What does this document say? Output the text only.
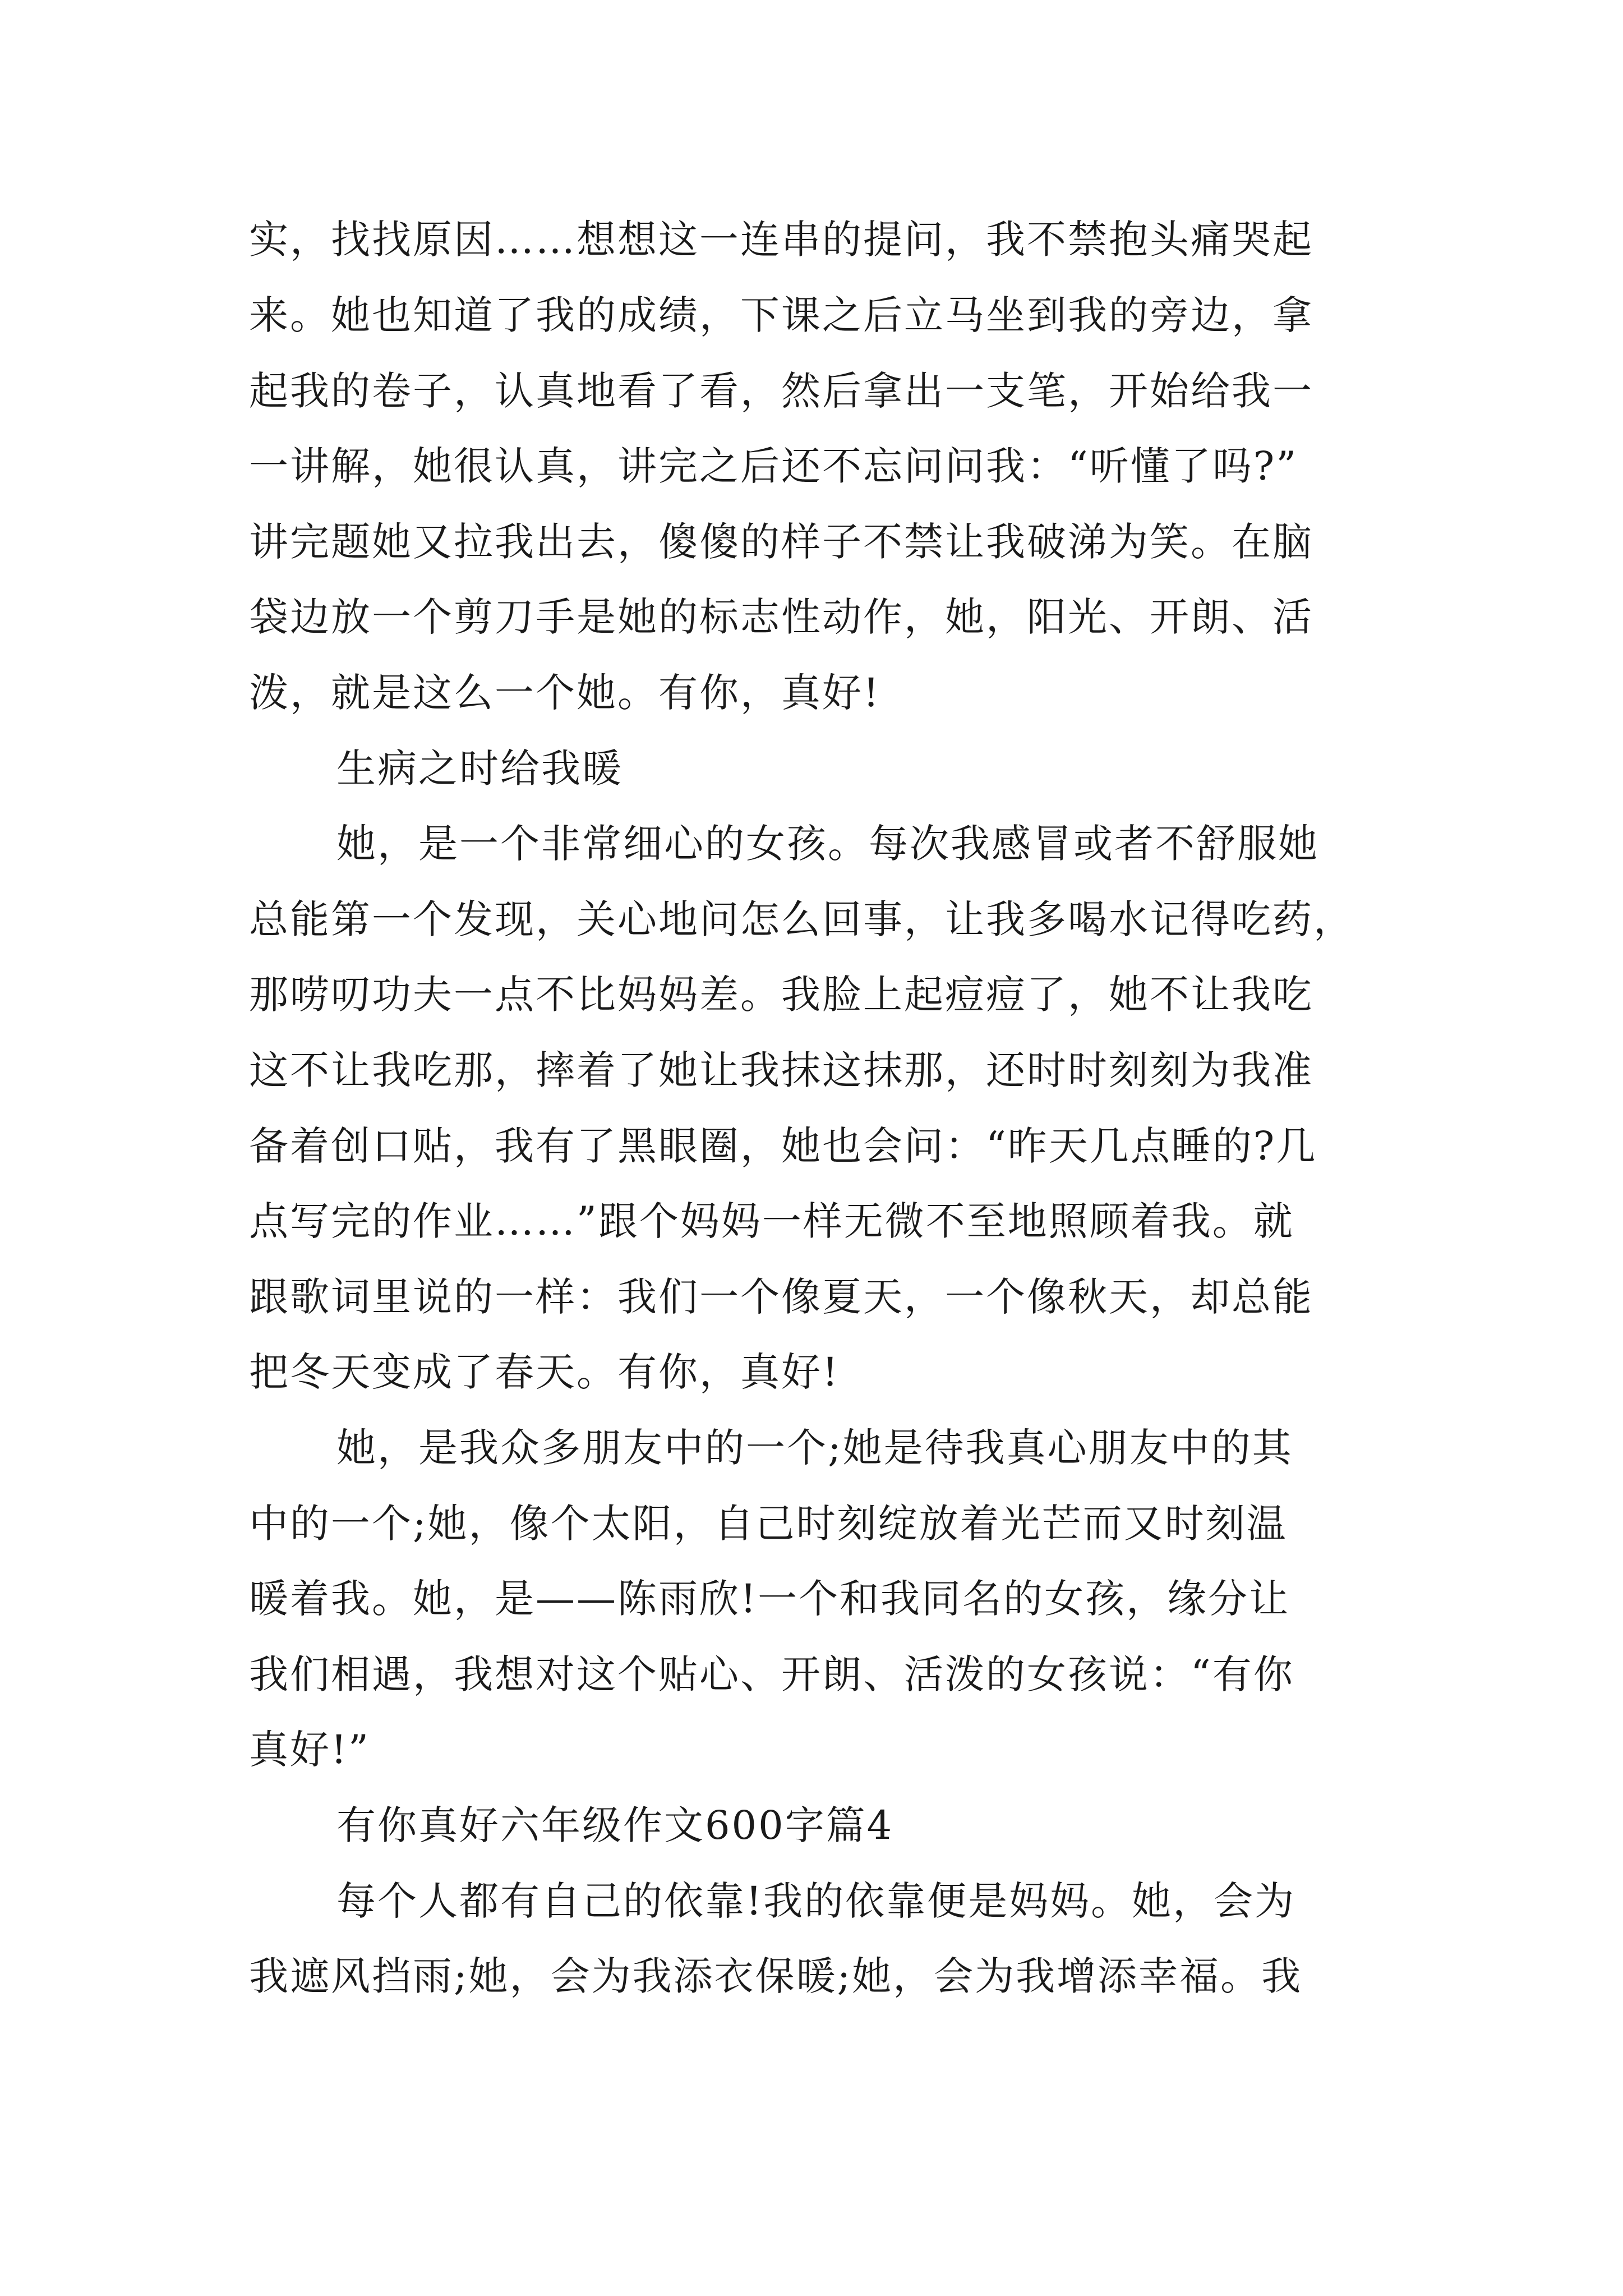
实，找找原因……想想这一连串的提问，我不禁抱头痛哭起
来。她也知道了我的成绩，下课之后立马坐到我的旁边，拿
起我的卷子，认真地看了看，然后拿出一支笔，开始给我一
一讲解，她很认真，讲完之后还不忘问问我：“听懂了吗?”
讲完题她又拉我出去，傻傻的样子不禁让我破涕为笑。在脑
袋边放一个剪刀手是她的标志性动作，她，阳光、开朗、活
泼，就是这么一个她。有你，真好!
生病之时给我暖
她，是一个非常细心的女孩。每次我感冒或者不舒服她
总能第一个发现，关心地问怎么回事，让我多喝水记得吃药，
那唠叨功夫一点不比妈妈差。我脸上起痘痘了，她不让我吃
这不让我吃那，摔着了她让我抹这抹那，还时时刻刻为我准
备着创口贴，我有了黑眼圈，她也会问：“昨天几点睡的?几
点写完的作业……”跟个妈妈一样无微不至地照顾着我。就
跟歌词里说的一样：我们一个像夏天，一个像秋天，却总能
把冬天变成了春天。有你，真好!
她，是我众多朋友中的一个;她是待我真心朋友中的其
中的一个;她，像个太阳，自己时刻绽放着光芒而又时刻温
暖着我。她，是——陈雨欣!一个和我同名的女孩，缘分让
我们相遇，我想对这个贴心、开朗、活泼的女孩说：“有你
真好!”
有你真好六年级作文600字篇4
每个人都有自己的依靠!我的依靠便是妈妈。她，会为
我遮风挡雨;她，会为我添衣保暖;她，会为我增添幸福。我
